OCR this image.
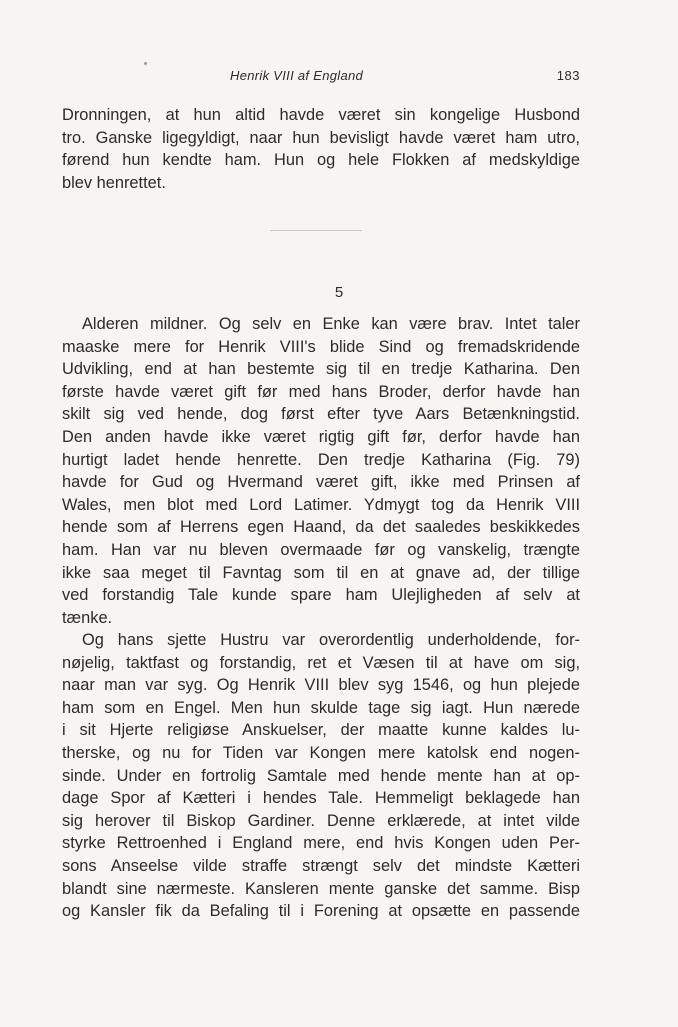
Henrik VIII af England	183

Dronningen, at hun altid havde været sin kongelige Husbond

tro. Ganske ligegyldigt, naar hun bevisligt havde været ham utro,

førend hun kendte ham. Hun og hele Flokken af medskyldige

blev henrettet.

5

Alderen mildner. Og selv en Enke kan være brav. Intet taler

maaske mere for Henrik VIII's blide Sind og fremadskridende

Udvikling, end at han bestemte sig til en tredje Katharina. Den

første havde været gift før med hans Broder, derfor havde han

skilt sig ved hende, dog først efter tyve Aars Betænkningstid.

Den anden havde ikke været rigtig gift før, derfor havde han

hurtigt ladet hende henrette. Den tredje Katharina (Fig. 79)

havde for Gud og Hvermand været gift, ikke med Prinsen af

Wales, men blot med Lord Latimer. Ydmygt tog da Henrik VIII

hende som af Herrens egen Haand, da det saaledes beskikkedes

ham. Han var nu bleven overmaade før og vanskelig, trængte

ikke saa meget til Favntag som til en at gnave ad, der tillige

ved forstandig Tale kunde spare ham Ulejligheden af selv at

tænke.

Og hans sjette Hustru var overordentlig underholdende, for-

nøjelig, taktfast og forstandig, ret et Væsen til at have om sig,

naar man var syg. Og Henrik VIII blev syg 1546, og hun plejede

ham som en Engel. Men hun skulde tage sig iagt. Hun nærede

i sit Hjerte religiøse Anskuelser, der maatte kunne kaldes lu-

therske, og nu for Tiden var Kongen mere katolsk end nogen-

sinde. Under en fortrolig Samtale med hende mente han at op-

dage Spor af Kætteri i hendes Tale. Hemmeligt beklagede han

sig herover til Biskop Gardiner. Denne erklærede, at intet vilde

styrke Rettroenhed i England mere, end hvis Kongen uden Per-

sons Anseelse vilde straffe strængt selv det mindste Kætteri

blandt sine nærmeste. Kansleren mente ganske det samme. Bisp

og Kansler fik da Befaling til i Forening at opsætte en passende
